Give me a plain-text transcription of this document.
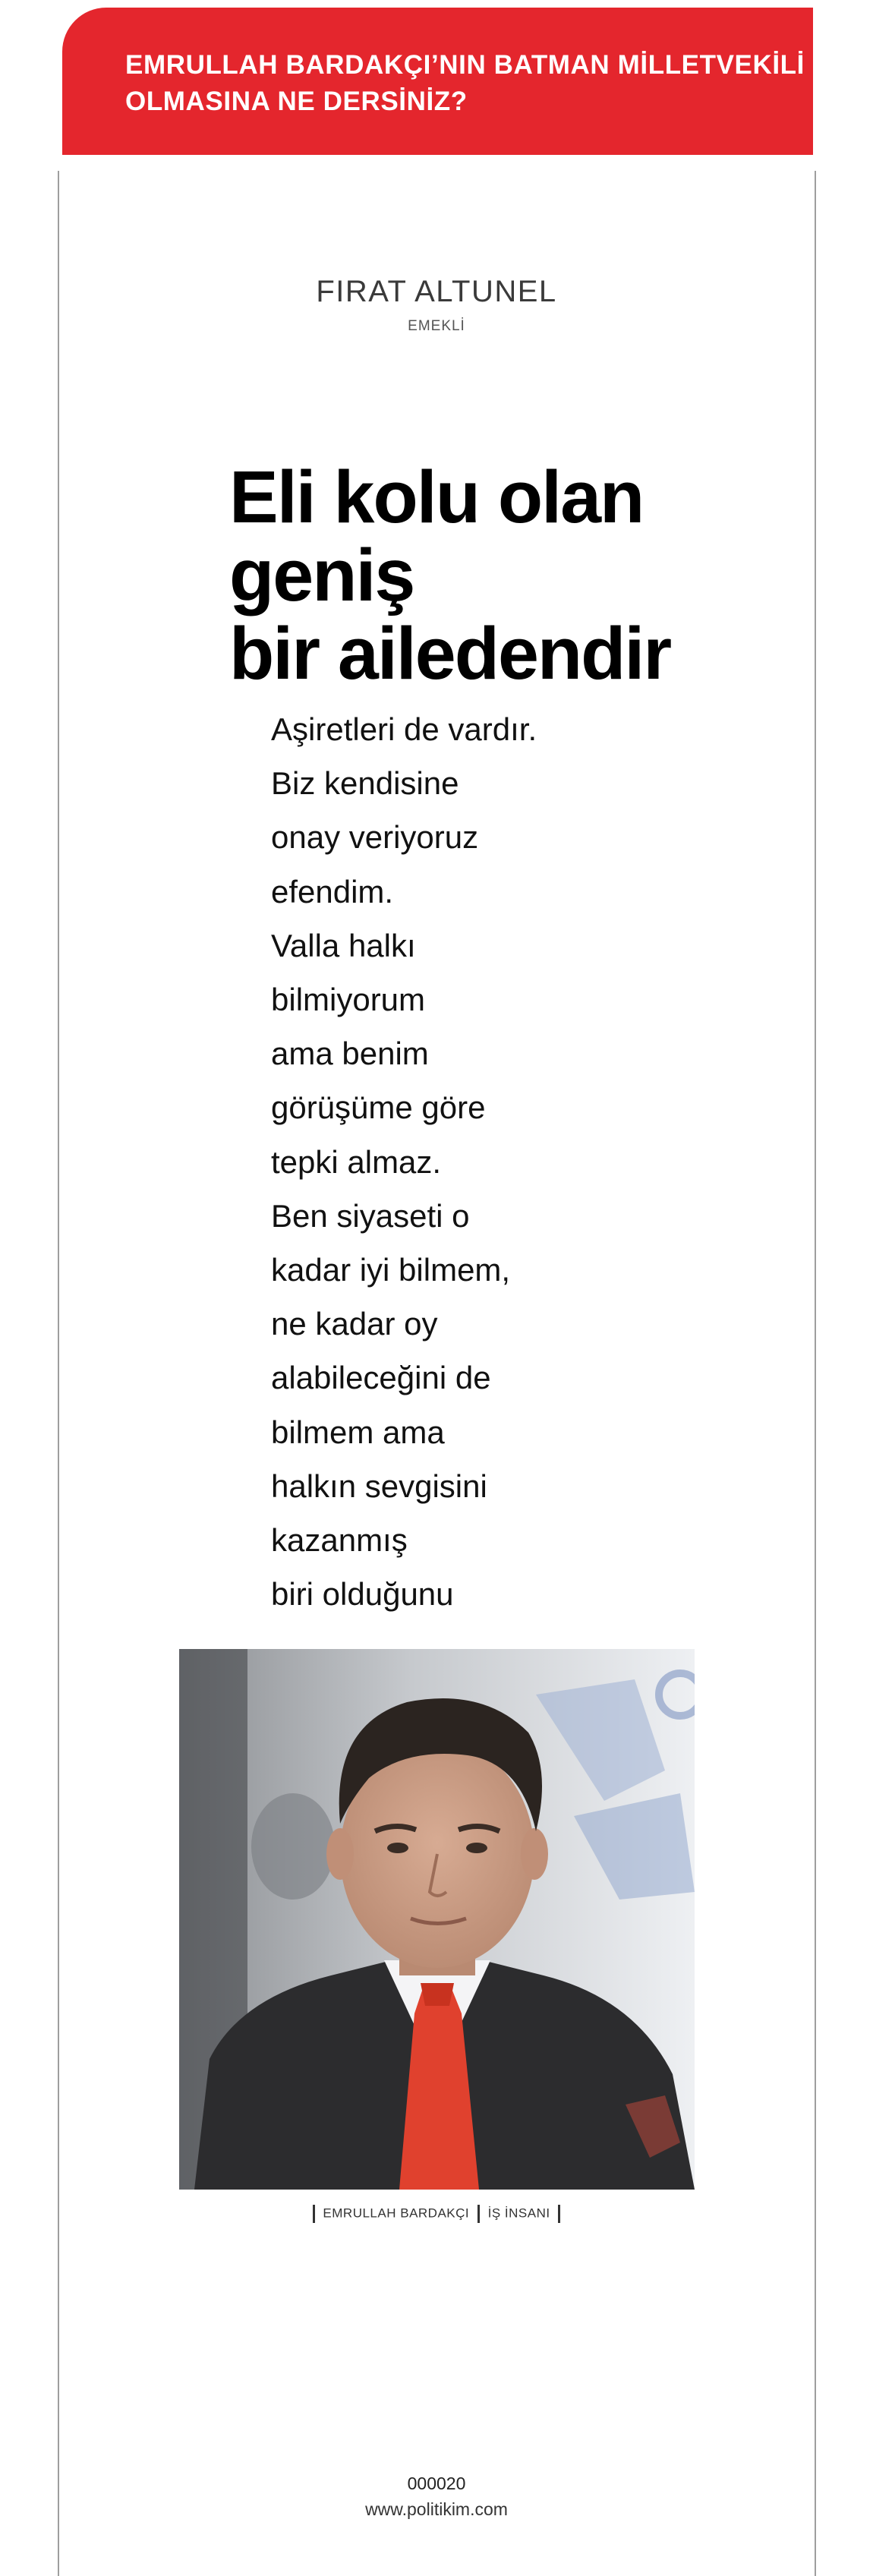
EMRULLAH BARDAKÇI’NIN BATMAN MİLLETVEKİLİ
OLMASINA NE DERSİNİZ?
FIRAT ALTUNEL
EMEKLİ
Eli kolu olan
geniş
bir ailedendir
Aşiretleri de vardır.
Biz kendisine
onay veriyoruz
efendim.
Valla halkı
bilmiyorum
ama benim
görüşüme göre
tepki almaz.
Ben siyaseti o
kadar iyi bilmem,
ne kadar oy
alabileceğini de
bilmem ama
halkın sevgisini
kazanmış
biri olduğunu
EMRULLAH BARDAKÇI İŞ İNSANI
000020
www.politikim.com
